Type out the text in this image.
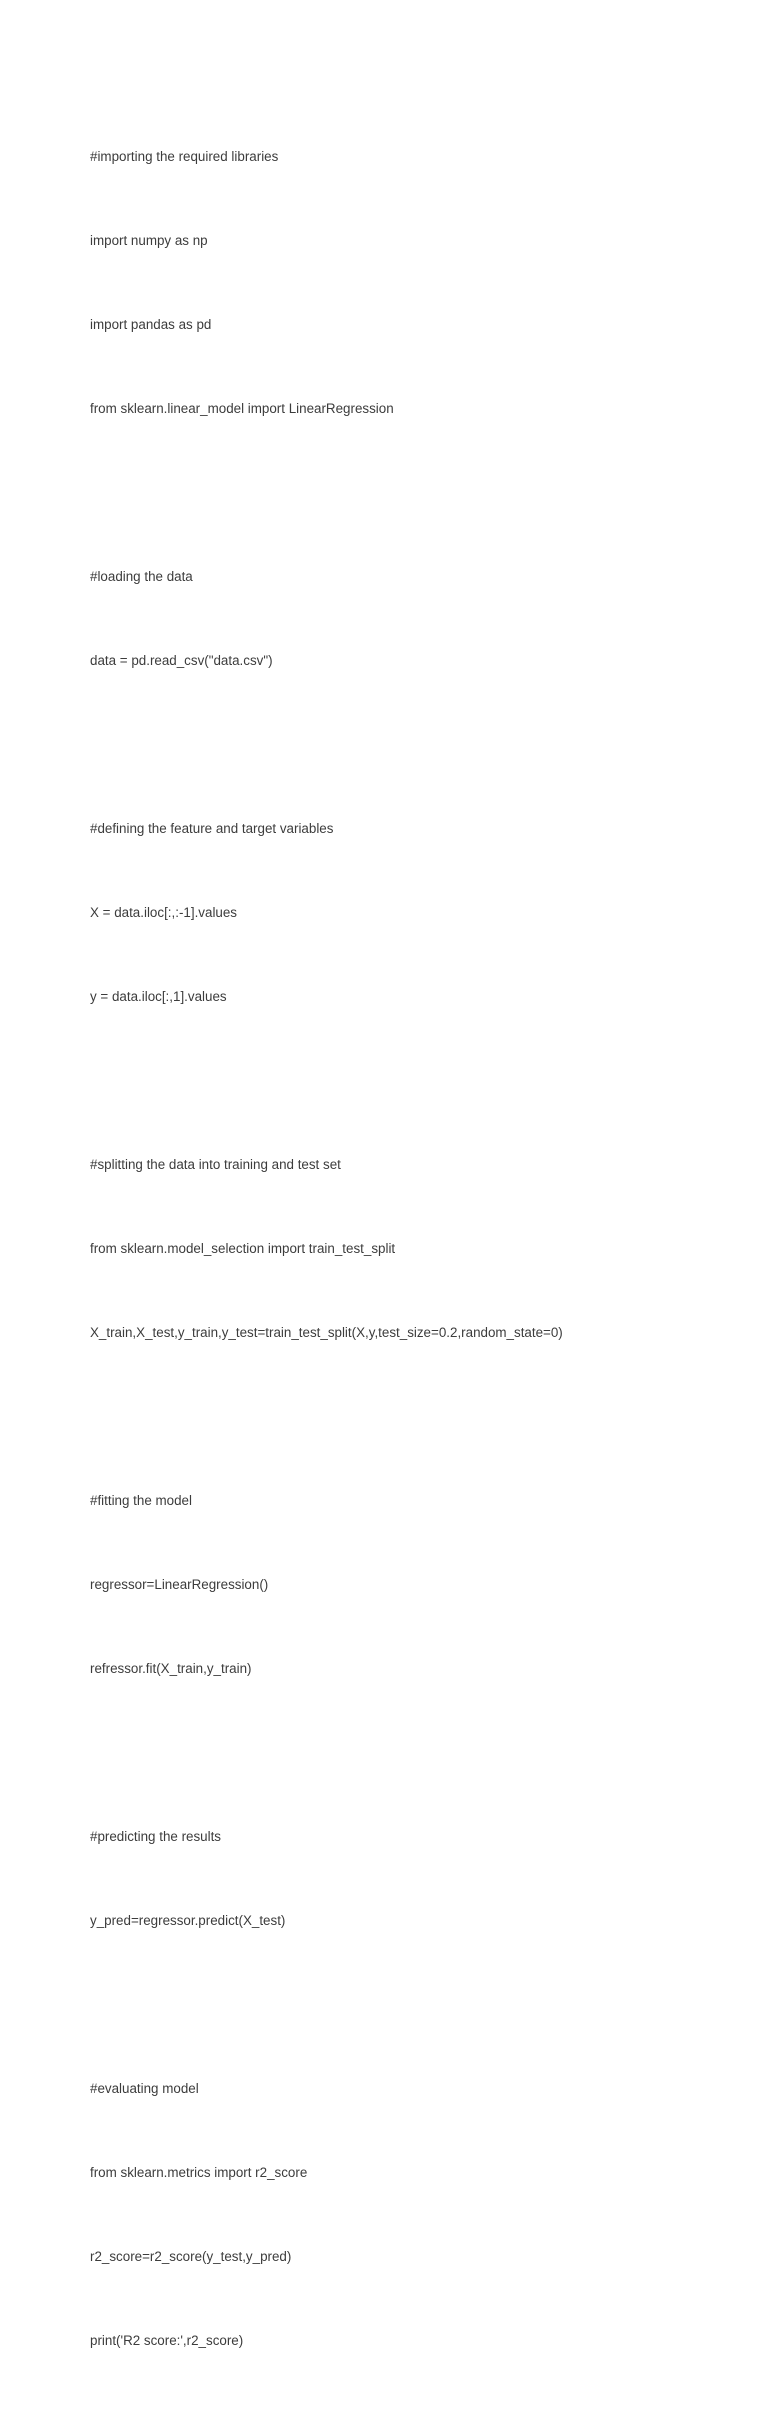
#importing the required libraries

import numpy as np

import pandas as pd

from sklearn.linear_model import LinearRegression

#loading the data

data = pd.read_csv("data.csv")

#defining the feature and target variables

X = data.iloc[:,:-1].values

y = data.iloc[:,1].values

#splitting the data into training and test set

from sklearn.model_selection import train_test_split

X_train,X_test,y_train,y_test=train_test_split(X,y,test_size=0.2,random_state=0)

#fitting the model

regressor=LinearRegression()

refressor.fit(X_train,y_train)

#predicting the results

y_pred=regressor.predict(X_test)

#evaluating model

from sklearn.metrics import r2_score

r2_score=r2_score(y_test,y_pred)

print('R2 score:',r2_score)
